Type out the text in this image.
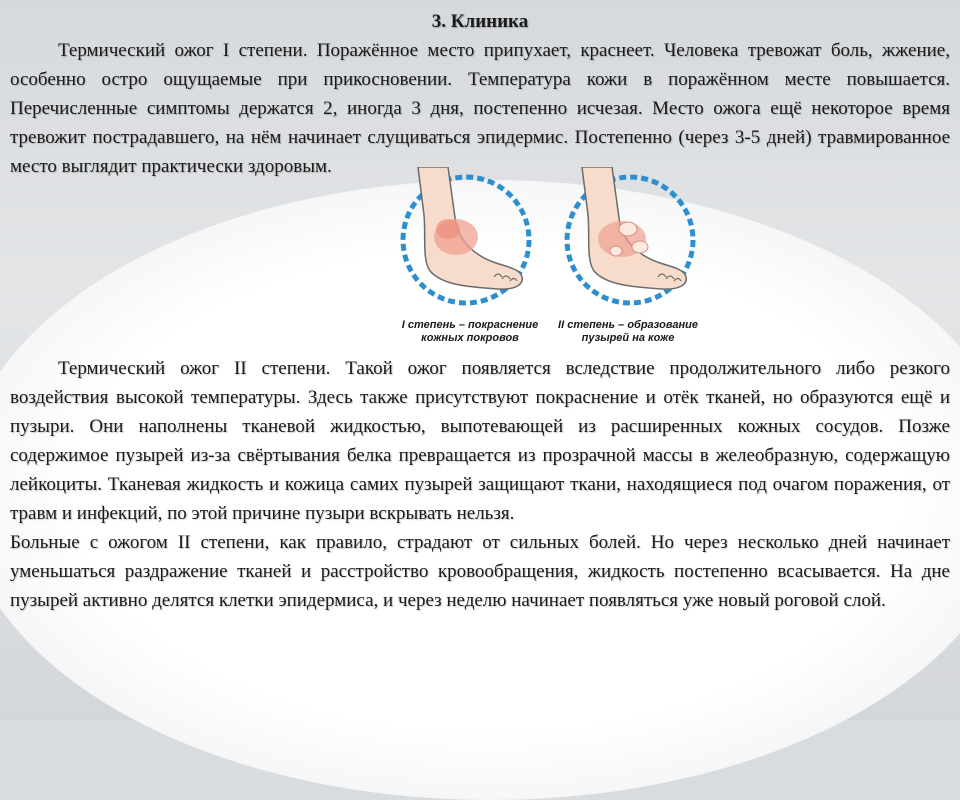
3. Клиника

Термический ожог I степени. Поражённое место припухает, краснеет. Человека тревожат боль, жжение, особенно остро ощущаемые при прикосновении. Температура кожи в поражённом месте повышается. Перечисленные симптомы держатся 2, иногда 3 дня, постепенно исчезая. Место ожога ещё некоторое время тревожит пострадавшего, на нём начинает слущиваться эпидермис. Постепенно (через 3-5 дней) травмированное место выглядит практически здоровым.

I степень – покраснение кожных покровов
II степень – образование пузырей на коже

Термический ожог II степени. Такой ожог появляется вследствие продолжительного либо резкого воздействия высокой температуры. Здесь также присутствуют покраснение и отёк тканей, но образуются ещё и пузыри. Они наполнены тканевой жидкостью, выпотевающей из расширенных кожных сосудов. Позже содержимое пузырей из-за свёртывания белка превращается из прозрачной массы в желеобразную, содержащую лейкоциты. Тканевая жидкость и кожица самих пузырей защищают ткани, находящиеся под очагом поражения, от травм и инфекций, по этой причине пузыри вскрывать нельзя.

Больные с ожогом II степени, как правило, страдают от сильных болей. Но через несколько дней начинает уменьшаться раздражение тканей и расстройство кровообращения, жидкость постепенно всасывается. На дне пузырей активно делятся клетки эпидермиса, и через неделю начинает появляться уже новый роговой слой.
